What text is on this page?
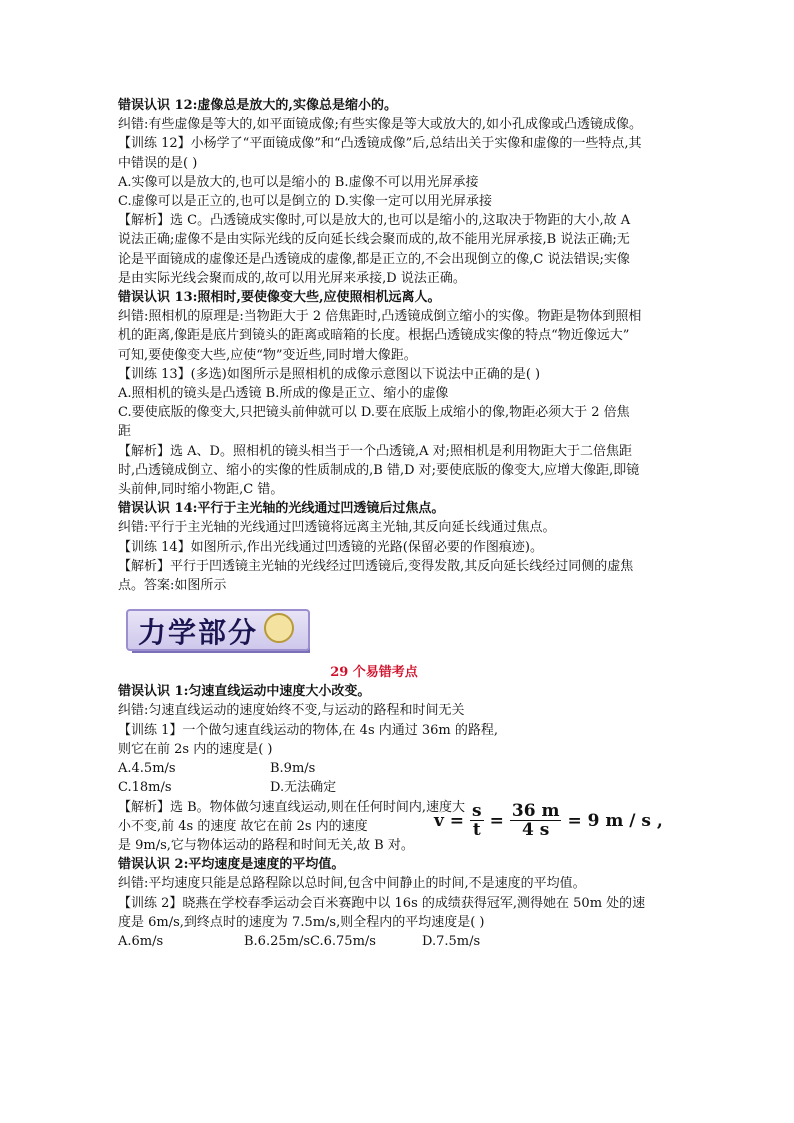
错误认识 12:虚像总是放大的,实像总是缩小的。

纠错:有些虚像是等大的,如平面镜成像;有些实像是等大或放大的,如小孔成像或凸透镜成像。

【训练 12】小杨学了“平面镜成像”和“凸透镜成像”后,总结出关于实像和虚像的一些特点,其

中错误的是( )

A.实像可以是放大的,也可以是缩小的 B.虚像不可以用光屏承接

C.虚像可以是正立的,也可以是倒立的 D.实像一定可以用光屏承接

【解析】选 C。凸透镜成实像时,可以是放大的,也可以是缩小的,这取决于物距的大小,故 A

说法正确;虚像不是由实际光线的反向延长线会聚而成的,故不能用光屏承接,B 说法正确;无

论是平面镜成的虚像还是凸透镜成的虚像,都是正立的,不会出现倒立的像,C 说法错误;实像

是由实际光线会聚而成的,故可以用光屏来承接,D 说法正确。

错误认识 13:照相时,要使像变大些,应使照相机远离人。

纠错:照相机的原理是:当物距大于 2 倍焦距时,凸透镜成倒立缩小的实像。物距是物体到照相

机的距离,像距是底片到镜头的距离或暗箱的长度。根据凸透镜成实像的特点“物近像远大”

可知,要使像变大些,应使“物”变近些,同时增大像距。

【训练 13】(多选)如图所示是照相机的成像示意图以下说法中正确的是( )

A.照相机的镜头是凸透镜 B.所成的像是正立、缩小的虚像

C.要使底版的像变大,只把镜头前伸就可以 D.要在底版上成缩小的像,物距必须大于 2 倍焦

距

【解析】选 A、D。照相机的镜头相当于一个凸透镜,A 对;照相机是利用物距大于二倍焦距

时,凸透镜成倒立、缩小的实像的性质制成的,B 错,D 对;要使底版的像变大,应增大像距,即镜

头前伸,同时缩小物距,C 错。

错误认识 14:平行于主光轴的光线通过凹透镜后过焦点。

纠错:平行于主光轴的光线通过凹透镜将远离主光轴,其反向延长线通过焦点。

【训练 14】如图所示,作出光线通过凹透镜的光路(保留必要的作图痕迹)。

【解析】平行于凹透镜主光轴的光线经过凹透镜后,变得发散,其反向延长线经过同侧的虚焦

点。答案:如图所示

力学部分

29 个易错考点

错误认识 1:匀速直线运动中速度大小改变。

纠错:匀速直线运动的速度始终不变,与运动的路程和时间无关

【训练 1】一个做匀速直线运动的物体,在 4s 内通过 36m 的路程,

则它在前 2s 内的速度是( )

A.4.5m/s	B.9m/s
C.18m/s	D.无法确定

【解析】选 B。物体做匀速直线运动,则在任何时间内,速度大

小不变,前 4s 的速度 故它在前 2s 内的速度

是 9m/s,它与物体运动的路程和时间无关,故 B 对。

错误认识 2:平均速度是速度的平均值。

纠错:平均速度只能是总路程除以总时间,包含中间静止的时间,不是速度的平均值。

【训练 2】晓燕在学校春季运动会百米赛跑中以 16s 的成绩获得冠军,测得她在 50m 处的速

度是 6m/s,到终点时的速度为 7.5m/s,则全程内的平均速度是( )

A.6m/s	B.6.25m/sC.6.75m/s	D.7.5m/s
$v = \frac{s}{t} = \frac{36 m}{4 s} = 9$ m / s ,
